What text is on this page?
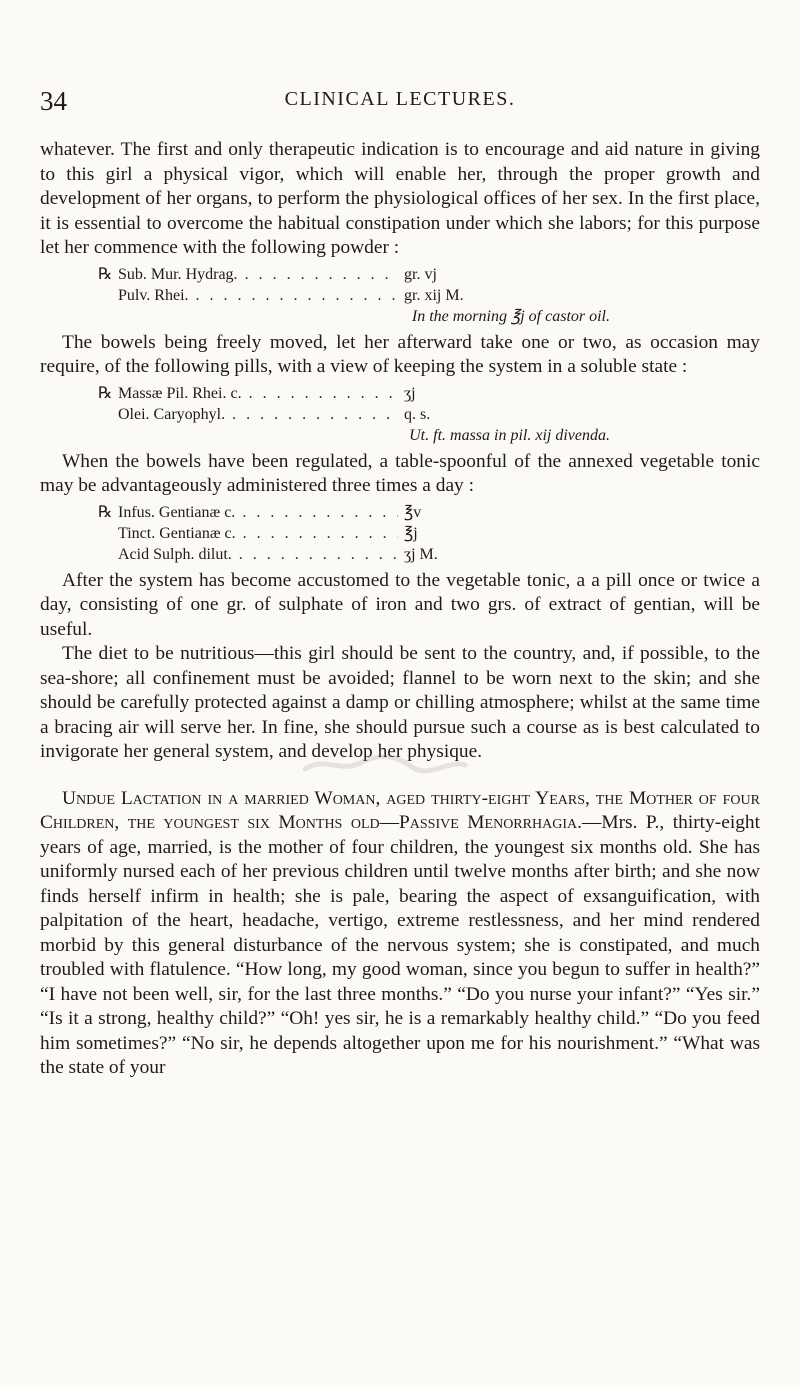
34	CLINICAL LECTURES.

whatever. The first and only therapeutic indication is to encourage and aid nature in giving to this girl a physical vigor, which will enable her, through the proper growth and development of her organs, to perform the physiological offices of her sex. In the first place, it is essential to overcome the habitual constipation under which she labors; for this purpose let her commence with the following powder :

℞ Sub. Mur. Hydrag. . . .	gr. vj
Pulv. Rhei. . . .	gr. xij M.
In the morning ℥j of castor oil.

The bowels being freely moved, let her afterward take one or two, as occasion may require, of the following pills, with a view of keeping the system in a soluble state :

℞ Massæ Pil. Rhei. c. . . .	ʒj
Olei. Caryophyl. . . .	q. s.
Ut. ft. massa in pil. xij divenda.

When the bowels have been regulated, a table-spoonful of the annexed vegetable tonic may be advantageously administered three times a day :

℞ Infus. Gentianæ c. . . .	℥v
Tinct. Gentianæ c. . . .	℥j
Acid Sulph. dilut. . . .	ʒj M.

After the system has become accustomed to the vegetable tonic, a a pill once or twice a day, consisting of one gr. of sulphate of iron and two grs. of extract of gentian, will be useful.

The diet to be nutritious—this girl should be sent to the country, and, if possible, to the sea-shore; all confinement must be avoided; flannel to be worn next to the skin; and she should be carefully protected against a damp or chilling atmosphere; whilst at the same time a bracing air will serve her. In fine, she should pursue such a course as is best calculated to invigorate her general system, and develop her physique.

Undue Lactation in a married Woman, aged thirty-eight Years, the Mother of four Children, the youngest six Months old—Passive Menorrhagia.—Mrs. P., thirty-eight years of age, married, is the mother of four children, the youngest six months old. She has uniformly nursed each of her previous children until twelve months after birth; and she now finds herself infirm in health; she is pale, bearing the aspect of exsanguification, with palpitation of the heart, headache, vertigo, extreme restlessness, and her mind rendered morbid by this general disturbance of the nervous system; she is constipated, and much troubled with flatulence. “How long, my good woman, since you begun to suffer in health?” “I have not been well, sir, for the last three months.” “Do you nurse your infant?” “Yes sir.” “Is it a strong, healthy child?” “Oh! yes sir, he is a remarkably healthy child.” “Do you feed him sometimes?” “No sir, he depends altogether upon me for his nourishment.” “What was the state of your
